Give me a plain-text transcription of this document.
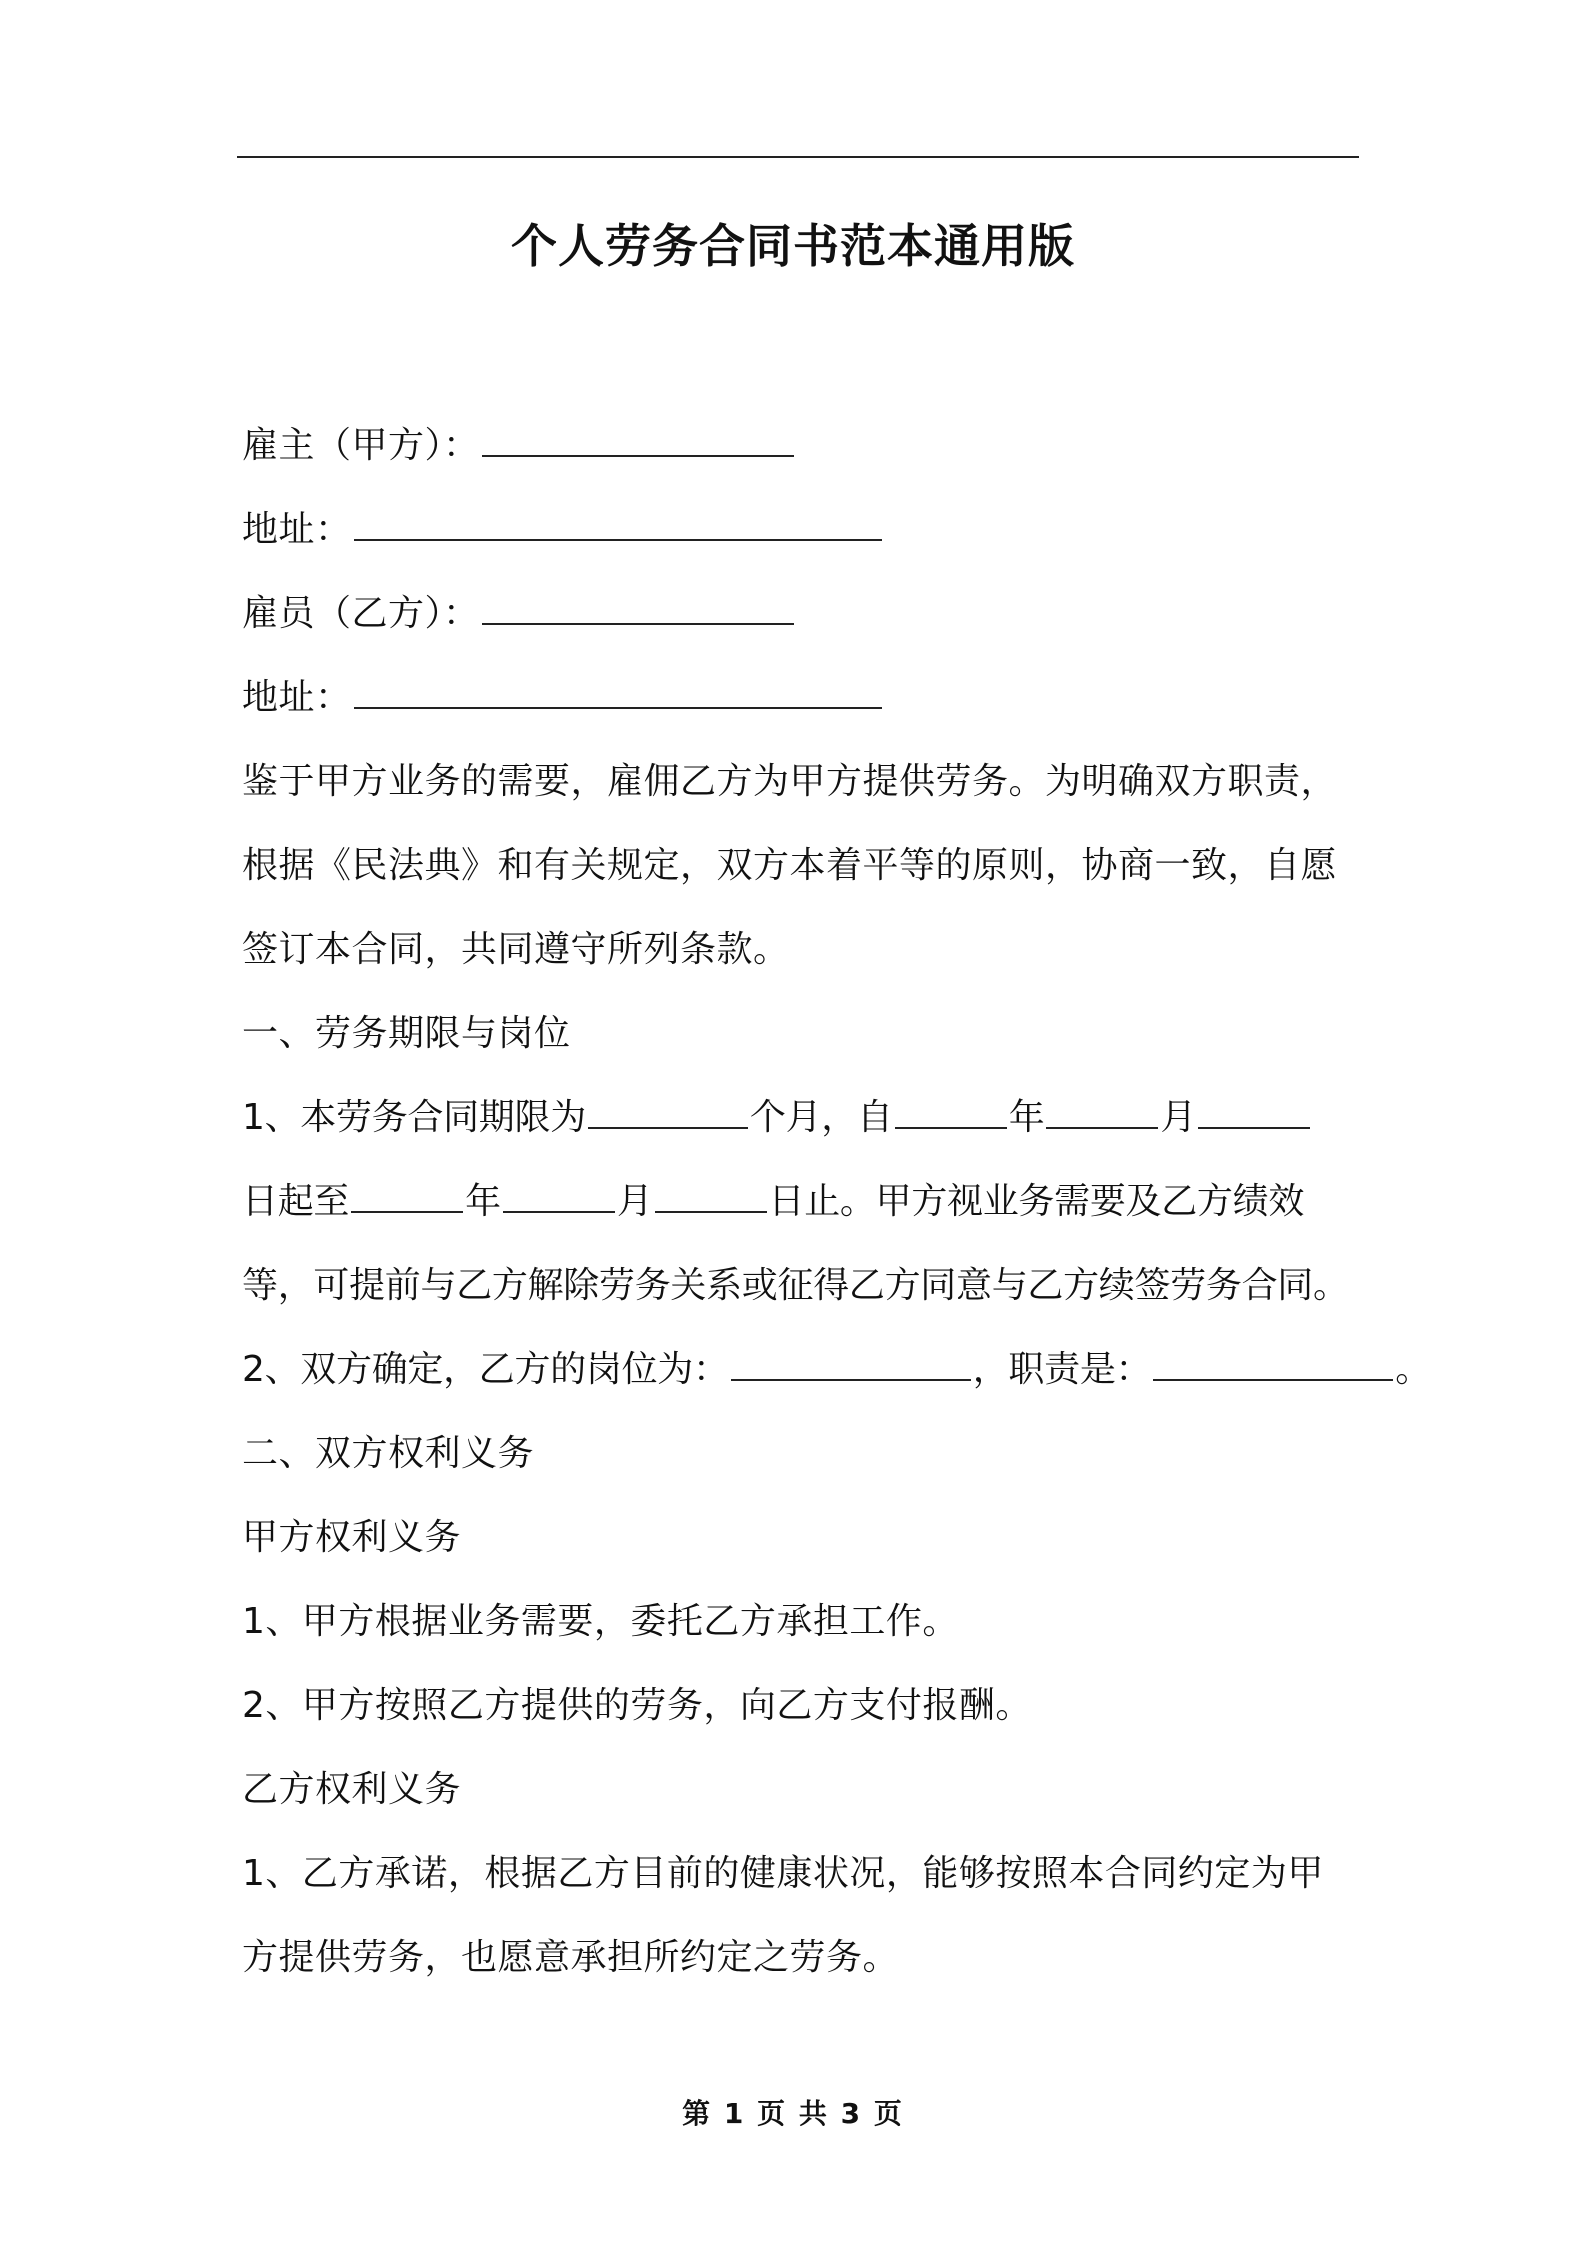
个人劳务合同书范本通用版
雇主（甲方）：
地址：
雇员（乙方）：
地址：
鉴于甲方业务的需要，雇佣乙方为甲方提供劳务。为明确双方职责，
根据《民法典》和有关规定，双方本着平等的原则，协商一致，自愿
签订本合同，共同遵守所列条款。
一、劳务期限与岗位
1、本劳务合同期限为	个月，自	年	月
日起至	年	月	日止。甲方视业务需要及乙方绩效
等，可提前与乙方解除劳务关系或征得乙方同意与乙方续签劳务合同。
2、双方确定，乙方的岗位为：	，职责是：	。
二、双方权利义务
甲方权利义务
1、甲方根据业务需要，委托乙方承担工作。
2、甲方按照乙方提供的劳务，向乙方支付报酬。
乙方权利义务
1、乙方承诺，根据乙方目前的健康状况，能够按照本合同约定为甲
方提供劳务，也愿意承担所约定之劳务。
第 1 页 共 3 页
